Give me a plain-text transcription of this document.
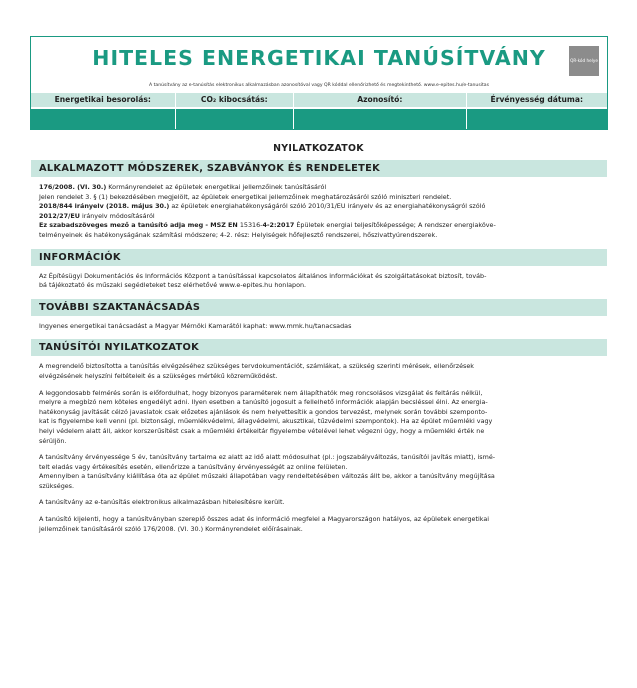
HITELES ENERGETIKAI TANÚSÍTVÁNY	QR-kód helye
A tanúsítvány az e-tanúsítás elektronikus alkalmazásban azonosítóval vagy QR kóddal ellenőrizhető és megtekinthető. www.e-epites.hu/e-tanusitas
Energetikai besorolás:	CO₂ kibocsátás:	Azonosító:	Érvényesség dátuma:
NYILATKOZATOK
ALKALMAZOTT MÓDSZEREK, SZABVÁNYOK ÉS RENDELETEK

176/2008. (VI. 30.) Kormányrendelet az épületek energetikai jellemzőinek tanúsításáról

Jelen rendelet 3. § (1) bekezdésében megjelölt, az épületek energetikai jellemzőinek meghatározásáról szóló miniszteri rendelet.

2018/844 irányelv (2018. május 30.) az épületek energiahatékonyságáról szóló 2010/31/EU irányelv és az energiahatékonyságról szóló

2012/27/EU irányelv módosításáról

Ez szabadszöveges mező a tanúsító adja meg - MSZ EN 15316-4-2:2017 Épületek energiai teljesítőképessége; A rendszer energiaköve-

telményeinek és hatékonyságának számítási módszere; 4-2. rész: Helyiségek hőfejlesztő rendszerei, hőszivattyúrendszerek.

INFORMÁCIÓK

Az Építésügyi Dokumentációs és Információs Központ a tanúsítással kapcsolatos általános információkat és szolgáltatásokat biztosít, továb-

bá tájékoztató és műszaki segédleteket tesz elérhetővé www.e-epites.hu honlapon.

TOVÁBBI SZAKTANÁCSADÁS

Ingyenes energetikai tanácsadást a Magyar Mérnöki Kamarától kaphat: www.mmk.hu/tanacsadas

TANÚSÍTÓI NYILATKOZATOK

A megrendelő biztosította a tanúsítás elvégzéséhez szükséges tervdokumentációt, számlákat, a szükség szerinti mérések, ellenőrzések

elvégzésének helyszíni feltételeit és a szükséges mértékű közreműködést.

A leggondosabb felmérés során is előfordulhat, hogy bizonyos paraméterek nem állapíthatók meg roncsolásos vizsgálat és feltárás nélkül,

melyre a megbízó nem köteles engedélyt adni. Ilyen esetben a tanúsító jogosult a fellelhető információk alapján becsléssel élni. Az energia-

hatékonyság javítását célzó javaslatok csak előzetes ajánlások és nem helyettesítik a gondos tervezést, melynek során további szemponto-

kat is figyelembe kell venni (pl. biztonsági, műemlékvédelmi, állagvédelmi, akusztikai, tűzvédelmi szempontok). Ha az épület műemléki vagy

helyi védelem alatt áll, akkor korszerűsítést csak a műemléki értékeltár figyelembe vételével lehet végezni úgy, hogy a műemléki érték ne

sérüljön.

A tanúsítvány érvényessége 5 év, tanúsítvány tartalma ez alatt az idő alatt módosulhat (pl.: jogszabályváltozás, tanúsítói javítás miatt), ismé-

telt eladás vagy értékesítés esetén, ellenőrizze a tanúsítvány érvényességét az online felületen.

Amennyiben a tanúsítvány kiállítása óta az épület műszaki állapotában vagy rendeltetésében változás állt be, akkor a tanúsítvány megújítása

szükséges.

A tanúsítvány az e-tanúsítás elektronikus alkalmazásban hitelesítésre került.

A tanúsító kijelenti, hogy a tanúsítványban szereplő összes adat és információ megfelel a Magyarországon hatályos, az épületek energetikai

jellemzőinek tanúsításáról szóló 176/2008. (VI. 30.) Kormányrendelet előírásainak.
